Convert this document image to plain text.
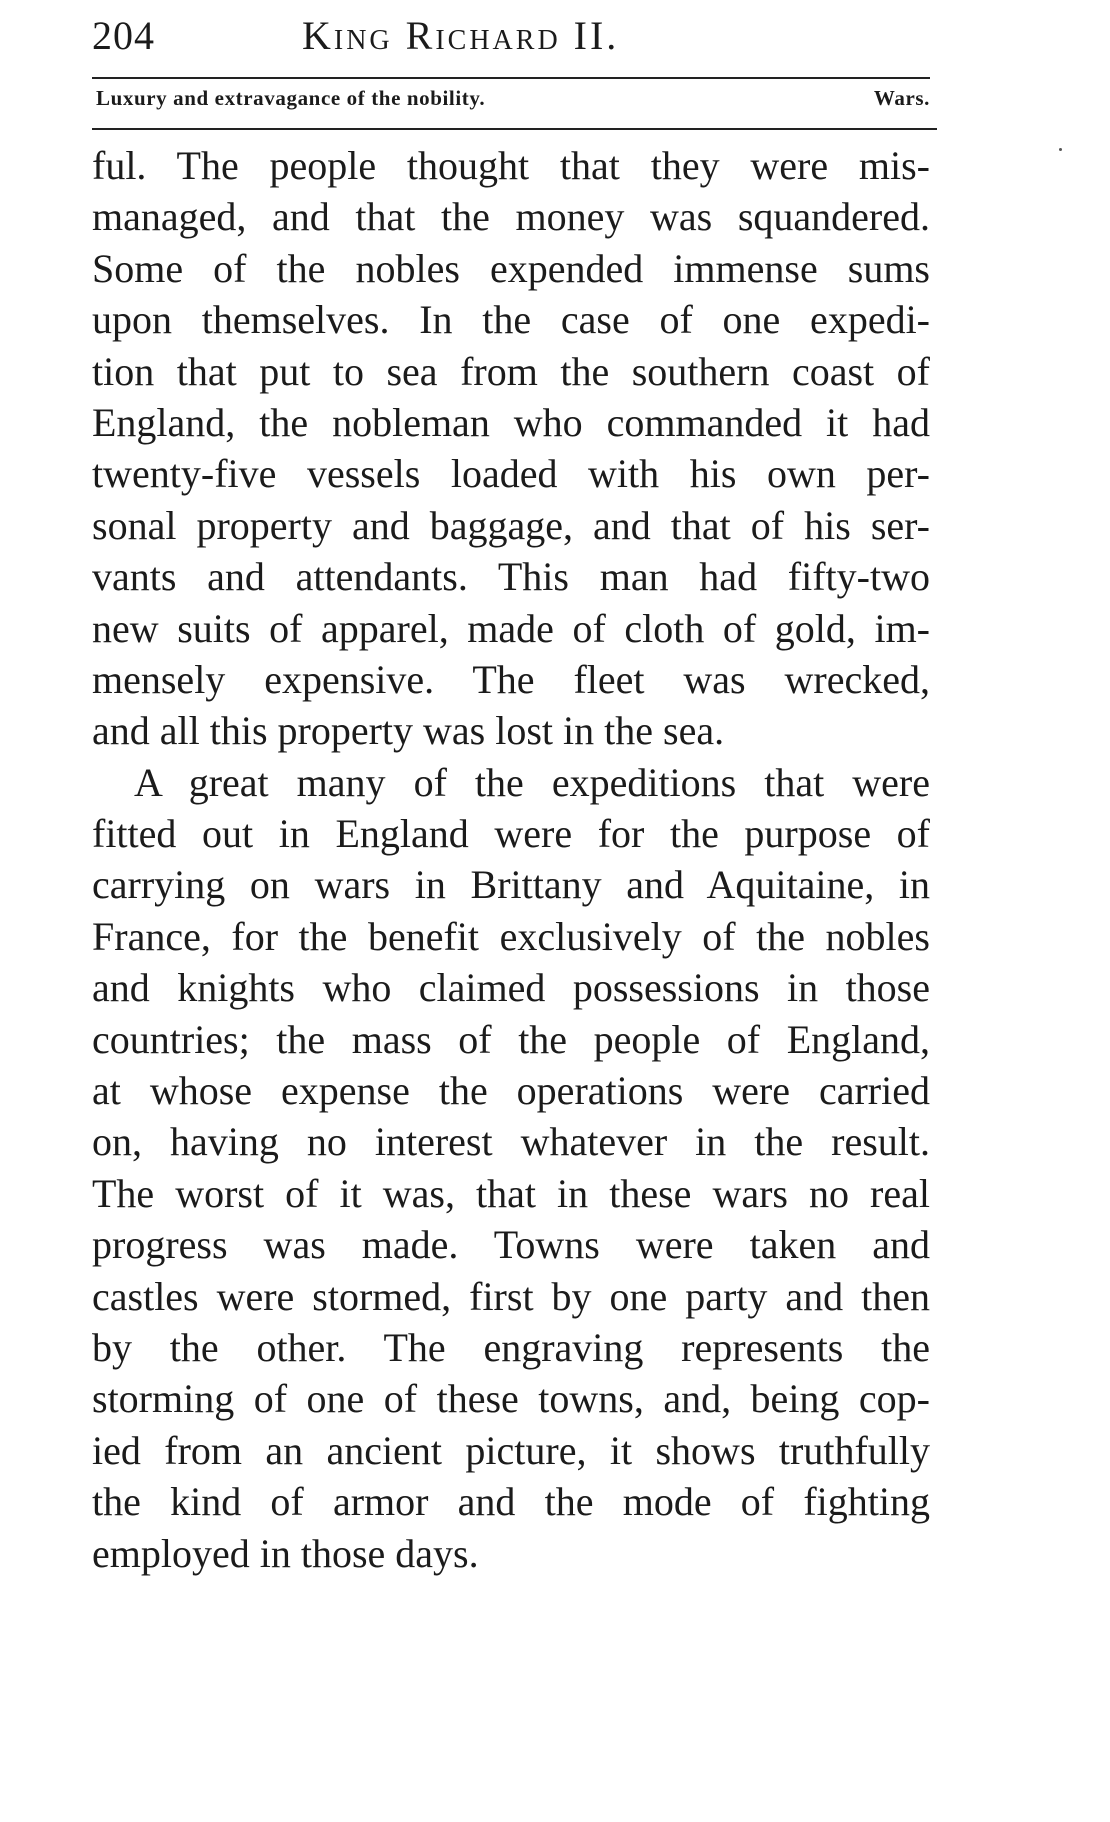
204	King Richard II.
Luxury and extravagance of the nobility.	Wars.
ful. The people thought that they were mis-
managed, and that the money was squandered.
Some of the nobles expended immense sums
upon themselves. In the case of one expedi-
tion that put to sea from the southern coast of
England, the nobleman who commanded it had
twenty-five vessels loaded with his own per-
sonal property and baggage, and that of his ser-
vants and attendants. This man had fifty-two
new suits of apparel, made of cloth of gold, im-
mensely expensive. The fleet was wrecked,
and all this property was lost in the sea.
A great many of the expeditions that were
fitted out in England were for the purpose of
carrying on wars in Brittany and Aquitaine, in
France, for the benefit exclusively of the nobles
and knights who claimed possessions in those
countries; the mass of the people of England,
at whose expense the operations were carried
on, having no interest whatever in the result.
The worst of it was, that in these wars no real
progress was made. Towns were taken and
castles were stormed, first by one party and then
by the other. The engraving represents the
storming of one of these towns, and, being cop-
ied from an ancient picture, it shows truthfully
the kind of armor and the mode of fighting
employed in those days.
